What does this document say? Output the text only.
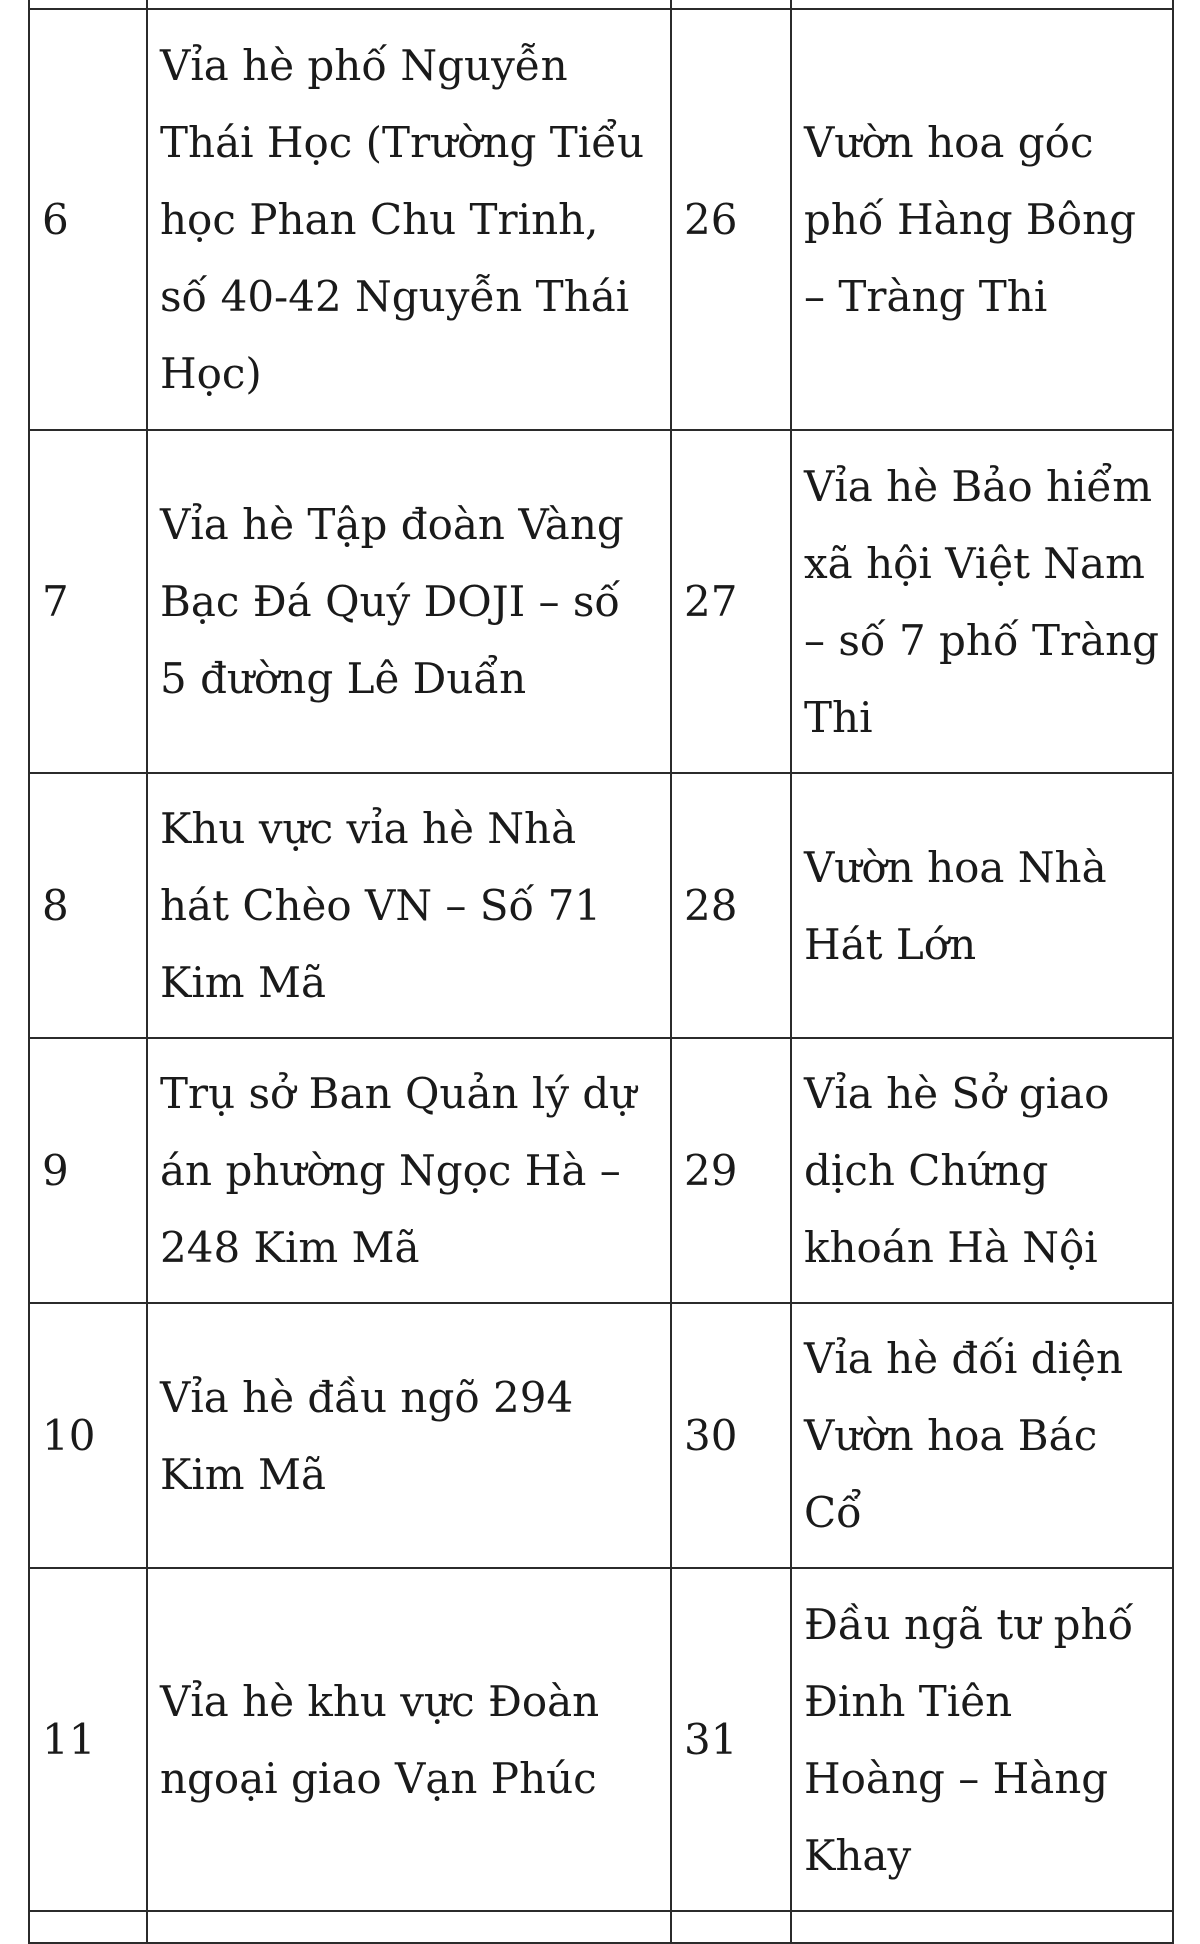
6	Vỉa hè phố Nguyễn Thái Học (Trường Tiểu học Phan Chu Trinh, số 40-42 Nguyễn Thái Học)	26	Vườn hoa góc phố Hàng Bông – Tràng Thi
7	Vỉa hè Tập đoàn Vàng Bạc Đá Quý DOJI – số 5 đường Lê Duẩn	27	Vỉa hè Bảo hiểm xã hội Việt Nam – số 7 phố Tràng Thi
8	Khu vực vỉa hè Nhà hát Chèo VN – Số 71 Kim Mã	28	Vườn hoa Nhà Hát Lớn
9	Trụ sở Ban Quản lý dự án phường Ngọc Hà – 248 Kim Mã	29	Vỉa hè Sở giao dịch Chứng khoán Hà Nội
10	Vỉa hè đầu ngõ 294 Kim Mã	30	Vỉa hè đối diện Vườn hoa Bác Cổ
11	Vỉa hè khu vực Đoàn ngoại giao Vạn Phúc	31	Đầu ngã tư phố Đinh Tiên Hoàng – Hàng Khay
